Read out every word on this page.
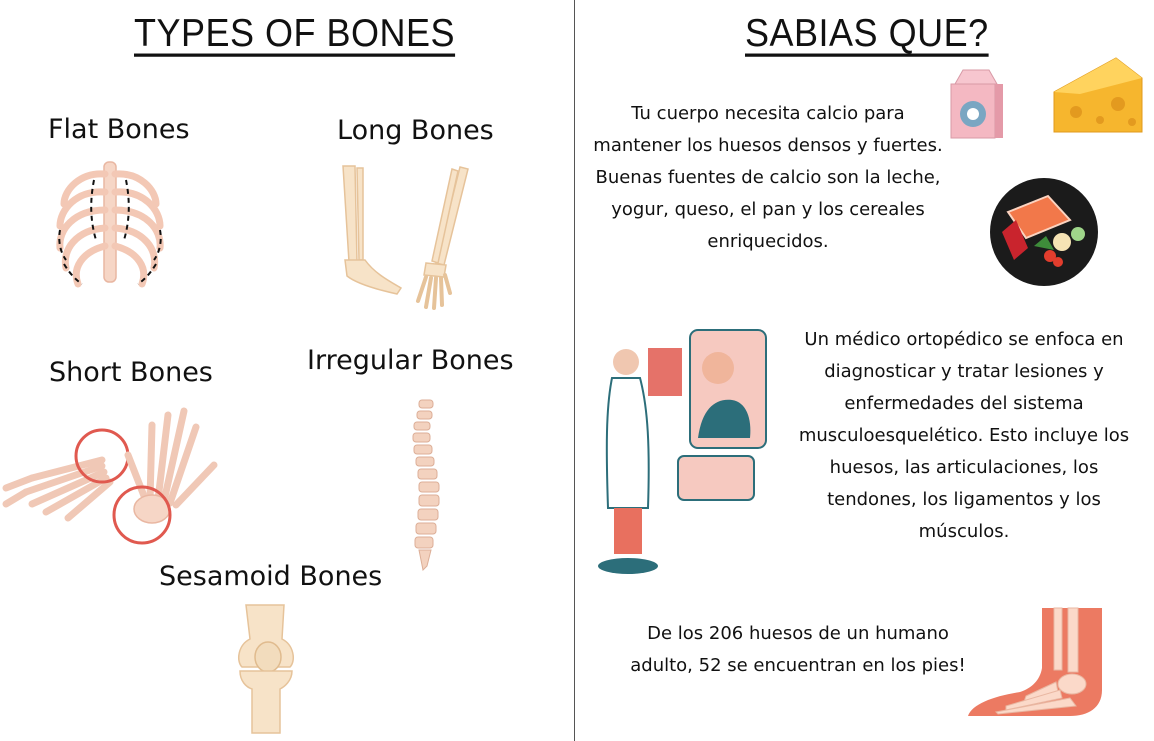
TYPES OF BONES
Flat Bones	Long Bones
Short Bones	Irregular Bones
Sesamoid Bones
SABIAS QUE?
Tu cuerpo necesita calcio para
mantener los huesos densos y fuertes.
Buenas fuentes de calcio son la leche,
yogur, queso, el pan y los cereales
enriquecidos.
Un médico ortopédico se enfoca en
diagnosticar y tratar lesiones y
enfermedades del sistema
musculoesquelético. Esto incluye los
huesos, las articulaciones, los
tendones, los ligamentos y los
músculos.
De los 206 huesos de un humano
adulto, 52 se encuentran en los pies!
